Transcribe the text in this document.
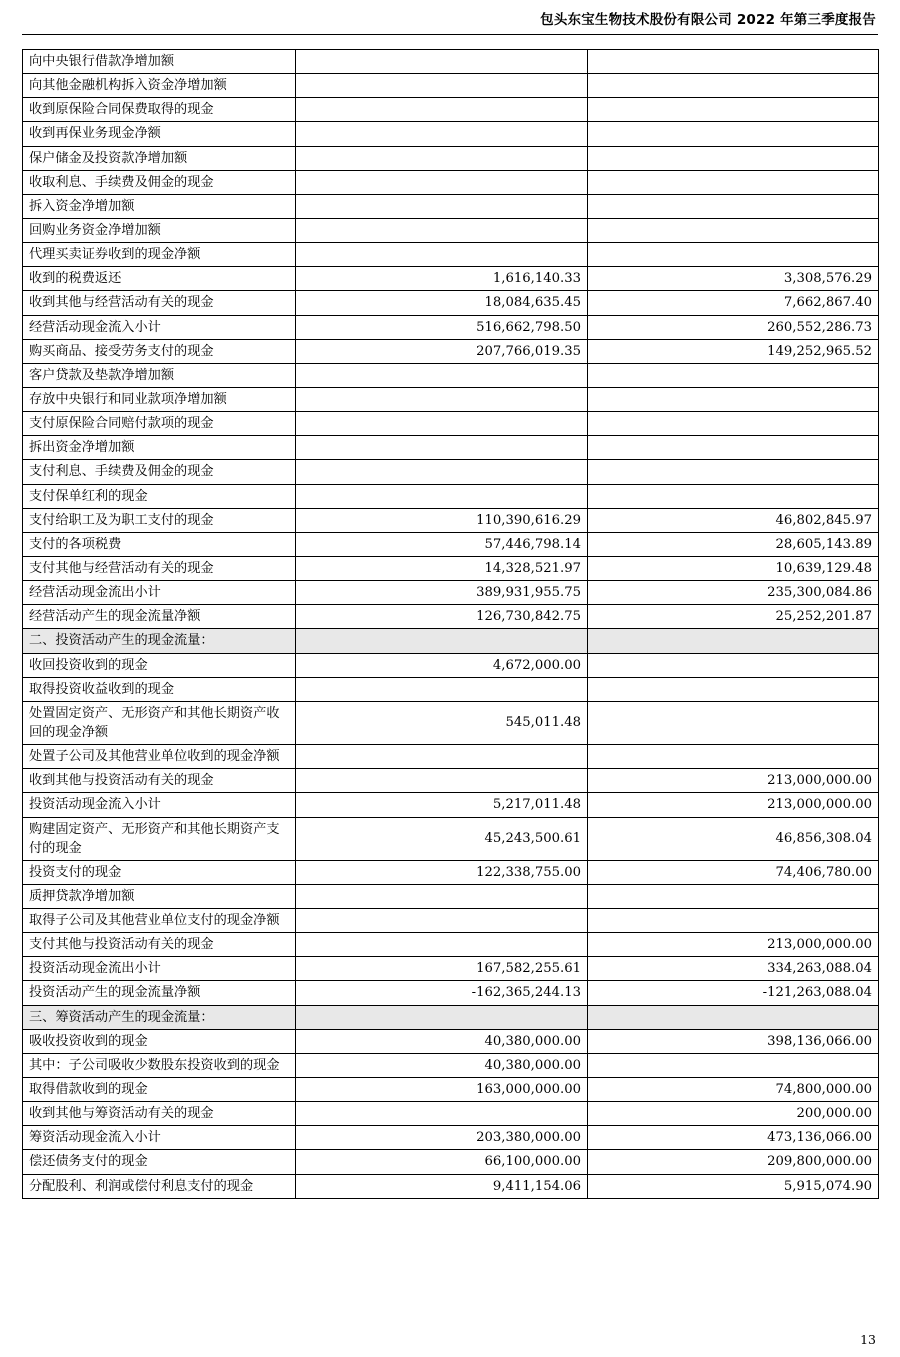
包头东宝生物技术股份有限公司 2022 年第三季度报告
向中央银行借款净增加额		
向其他金融机构拆入资金净增加额		
收到原保险合同保费取得的现金		
收到再保业务现金净额		
保户储金及投资款净增加额		
收取利息、手续费及佣金的现金		
拆入资金净增加额		
回购业务资金净增加额		
代理买卖证券收到的现金净额		
收到的税费返还	1,616,140.33	3,308,576.29
收到其他与经营活动有关的现金	18,084,635.45	7,662,867.40
经营活动现金流入小计	516,662,798.50	260,552,286.73
购买商品、接受劳务支付的现金	207,766,019.35	149,252,965.52
客户贷款及垫款净增加额		
存放中央银行和同业款项净增加额		
支付原保险合同赔付款项的现金		
拆出资金净增加额		
支付利息、手续费及佣金的现金		
支付保单红利的现金		
支付给职工及为职工支付的现金	110,390,616.29	46,802,845.97
支付的各项税费	57,446,798.14	28,605,143.89
支付其他与经营活动有关的现金	14,328,521.97	10,639,129.48
经营活动现金流出小计	389,931,955.75	235,300,084.86
经营活动产生的现金流量净额	126,730,842.75	25,252,201.87
二、投资活动产生的现金流量：		
收回投资收到的现金	4,672,000.00	
取得投资收益收到的现金		
处置固定资产、无形资产和其他长期资产收回的现金净额	545,011.48	
处置子公司及其他营业单位收到的现金净额		
收到其他与投资活动有关的现金		213,000,000.00
投资活动现金流入小计	5,217,011.48	213,000,000.00
购建固定资产、无形资产和其他长期资产支付的现金	45,243,500.61	46,856,308.04
投资支付的现金	122,338,755.00	74,406,780.00
质押贷款净增加额		
取得子公司及其他营业单位支付的现金净额		
支付其他与投资活动有关的现金		213,000,000.00
投资活动现金流出小计	167,582,255.61	334,263,088.04
投资活动产生的现金流量净额	-162,365,244.13	-121,263,088.04
三、筹资活动产生的现金流量：		
吸收投资收到的现金	40,380,000.00	398,136,066.00
其中：子公司吸收少数股东投资收到的现金	40,380,000.00	
取得借款收到的现金	163,000,000.00	74,800,000.00
收到其他与筹资活动有关的现金		200,000.00
筹资活动现金流入小计	203,380,000.00	473,136,066.00
偿还债务支付的现金	66,100,000.00	209,800,000.00
分配股利、利润或偿付利息支付的现金	9,411,154.06	5,915,074.90
13
